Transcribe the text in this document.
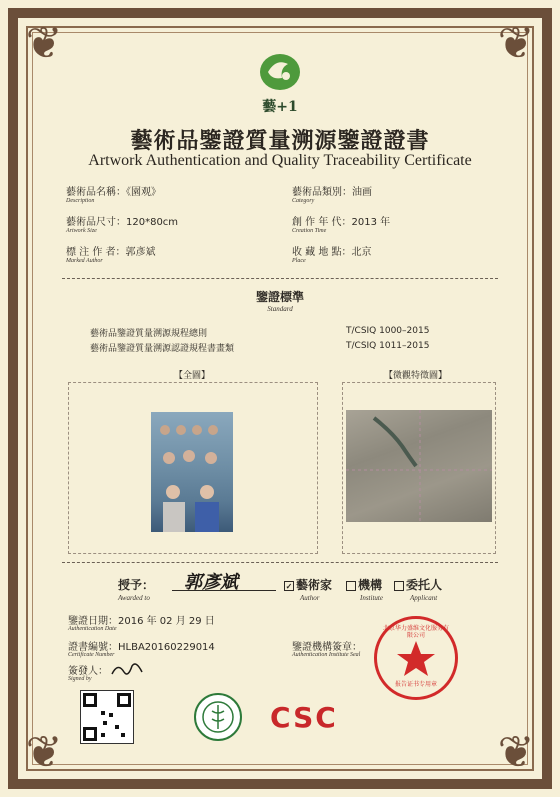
❦	❦
❦	❦
藝+1
藝術品鑒證質量溯源鑒證證書
Artwork Authentication and Quality Traceability Certificate
藝術品名稱：《園观》
Description
藝術品類別：油画
Category
藝術品尺寸：120*80cm
Artwork Size
創 作 年 代：2013 年
Creation Time
標 注 作 者：郭彥斌
Marked Author
收 藏 地 點：北京
Place
鑒證標準
Standard
藝術品鑒證質量溯源規程總則	T/CSIQ 1000–2015
藝術品鑒證質量溯源認證規程書畫類	T/CSIQ 1011–2015
【全圖】	【微觀特徵圖】
授予：
Awarded to
郭彥斌	✓ 藝術家
Author
機構
Institute
委托人
Applicant
鑒證日期：2016 年 02 月 29 日
Authentication Date
證書編號：HLBA20160229014
Certificate Number
簽發人：
Signed by
鑒證機構簽章：
Authentication Institute Seal
北京华力盛维文化服务有限公司
报告证书专用章
CSC
